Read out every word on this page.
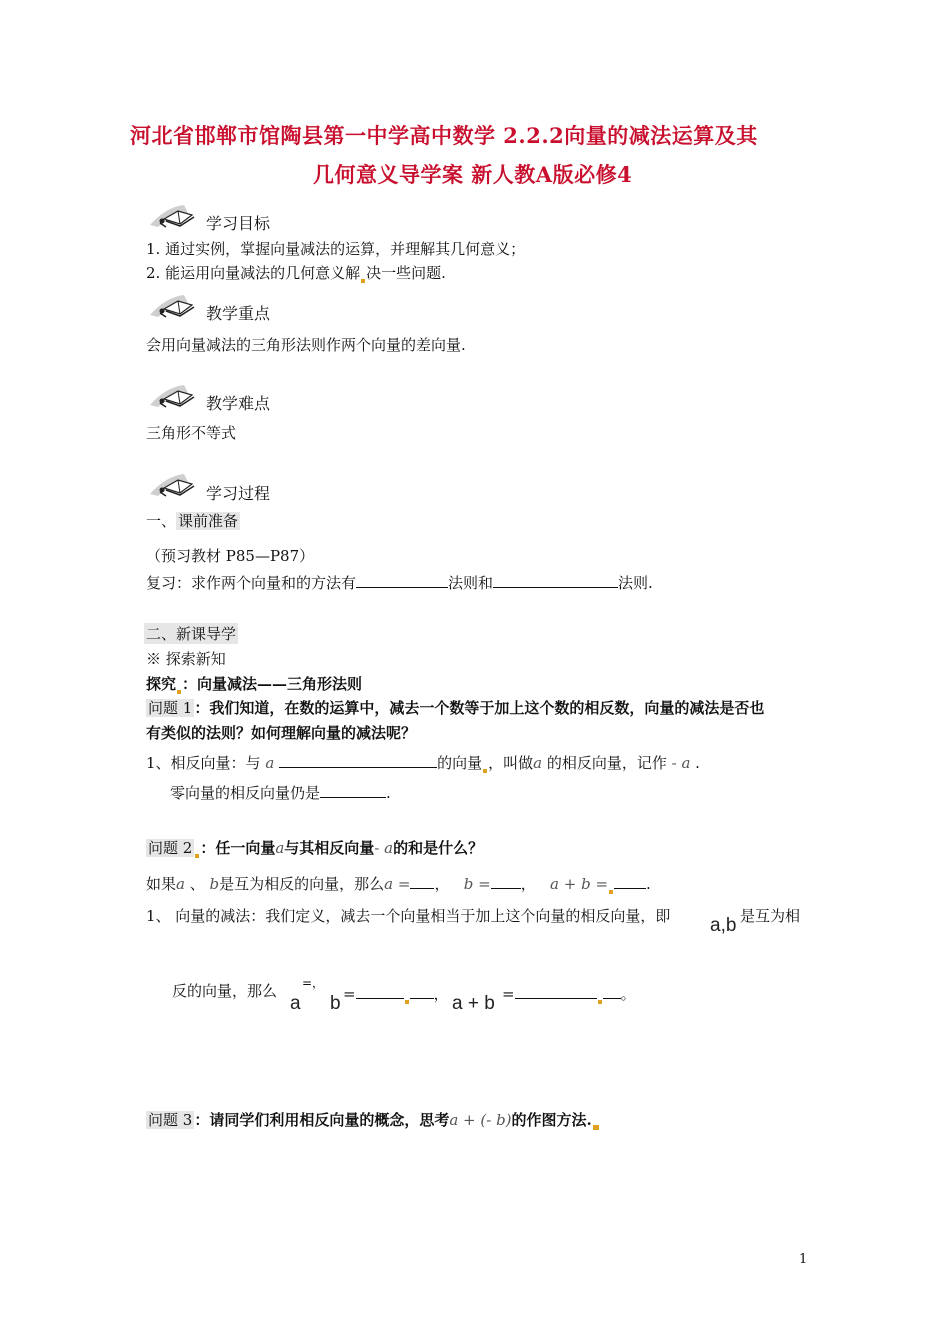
河北省邯郸市馆陶县第一中学高中数学 2.2.2向量的减法运算及其
几何意义导学案 新人教A版必修4
学习目标
1. 通过实例，掌握向量减法的运算，并理解其几何意义；
2. 能运用向量减法的几何意义解 决一些问题.
教学重点
会用向量减法的三角形法则作两个向量的差向量.
教学难点
三角形不等式
学习过程
一、 课前准备
（预习教材 P85—P87）
复习：求作两个向量和的方法有	法则和	法则.
二、新课导学
※ 探索新知
探究 ：向量减法——三角形法则
问题 1 ：我们知道，在数的运算中，减去一个数等于加上这个数的相反数，向量的减法是否也
有类似的法则？如何理解向量的减法呢？
1、相反向量：与 a	的向量 ，叫做a 的相反向量，记作 - a .
零向量的相反向量仍是	.
问题 2 ：任一向量a与其相反向量- a的和是什么？
如果a 、 b是互为相反的向量，那么a = ， b = ， a + b =	.
1、 向量的减法：我们定义，减去一个向量相当于加上这个向量的相反向量，即 a,b 是互为相
反的向量，那么
a
=，
b =	， a + b =	。
问题 3 ：请同学们利用相反向量的概念，思考a + (- b)的作图方法.
1
